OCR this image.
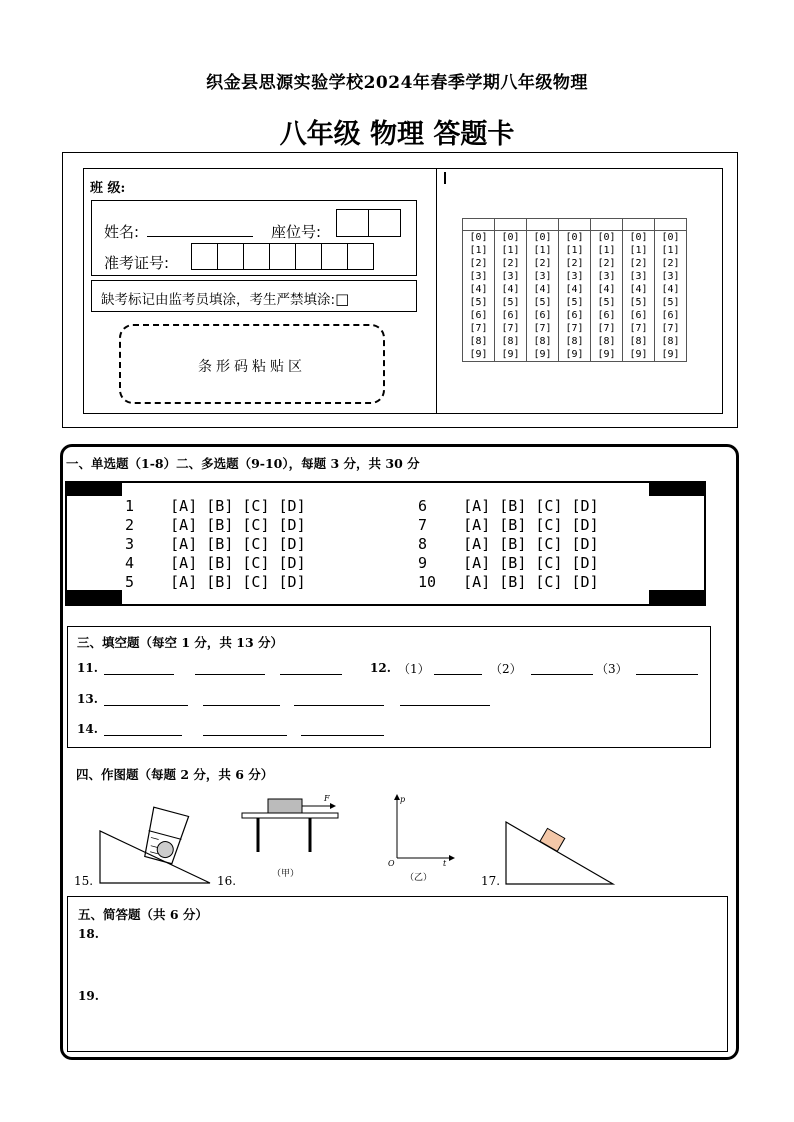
织金县思源实验学校2024年春季学期八年级物理
八年级 物理 答题卡
班 级:
姓名:	座位号:
准考证号:
缺考标记由监考员填涂，考生严禁填涂:□
条形码粘贴区

[0]	[0]	[0]	[0]	[0]	[0]	[0]
[1]	[1]	[1]	[1]	[1]	[1]	[1]
[2]	[2]	[2]	[2]	[2]	[2]	[2]
[3]	[3]	[3]	[3]	[3]	[3]	[3]
[4]	[4]	[4]	[4]	[4]	[4]	[4]
[5]	[5]	[5]	[5]	[5]	[5]	[5]
[6]	[6]	[6]	[6]	[6]	[6]	[6]
[7]	[7]	[7]	[7]	[7]	[7]	[7]
[8]	[8]	[8]	[8]	[8]	[8]	[8]
[9]	[9]	[9]	[9]	[9]	[9]	[9]
一、单选题（1-8）二、多选题（9-10），每题 3 分，共 30 分
1    [A] [B] [C] [D]
2    [A] [B] [C] [D]
3    [A] [B] [C] [D]
4    [A] [B] [C] [D]
5    [A] [B] [C] [D]
6    [A] [B] [C] [D]
7    [A] [B] [C] [D]
8    [A] [B] [C] [D]
9    [A] [B] [C] [D]
10   [A] [B] [C] [D]
三、填空题（每空 1 分，共 13 分）
11.	12. （1）	（2）	（3）
13.
14.
四、作图题（每题 2 分，共 6 分）
15.
F
16.	（甲）
p
t
O
（乙）	17.
五、简答题（共 6 分）
18.
19.
